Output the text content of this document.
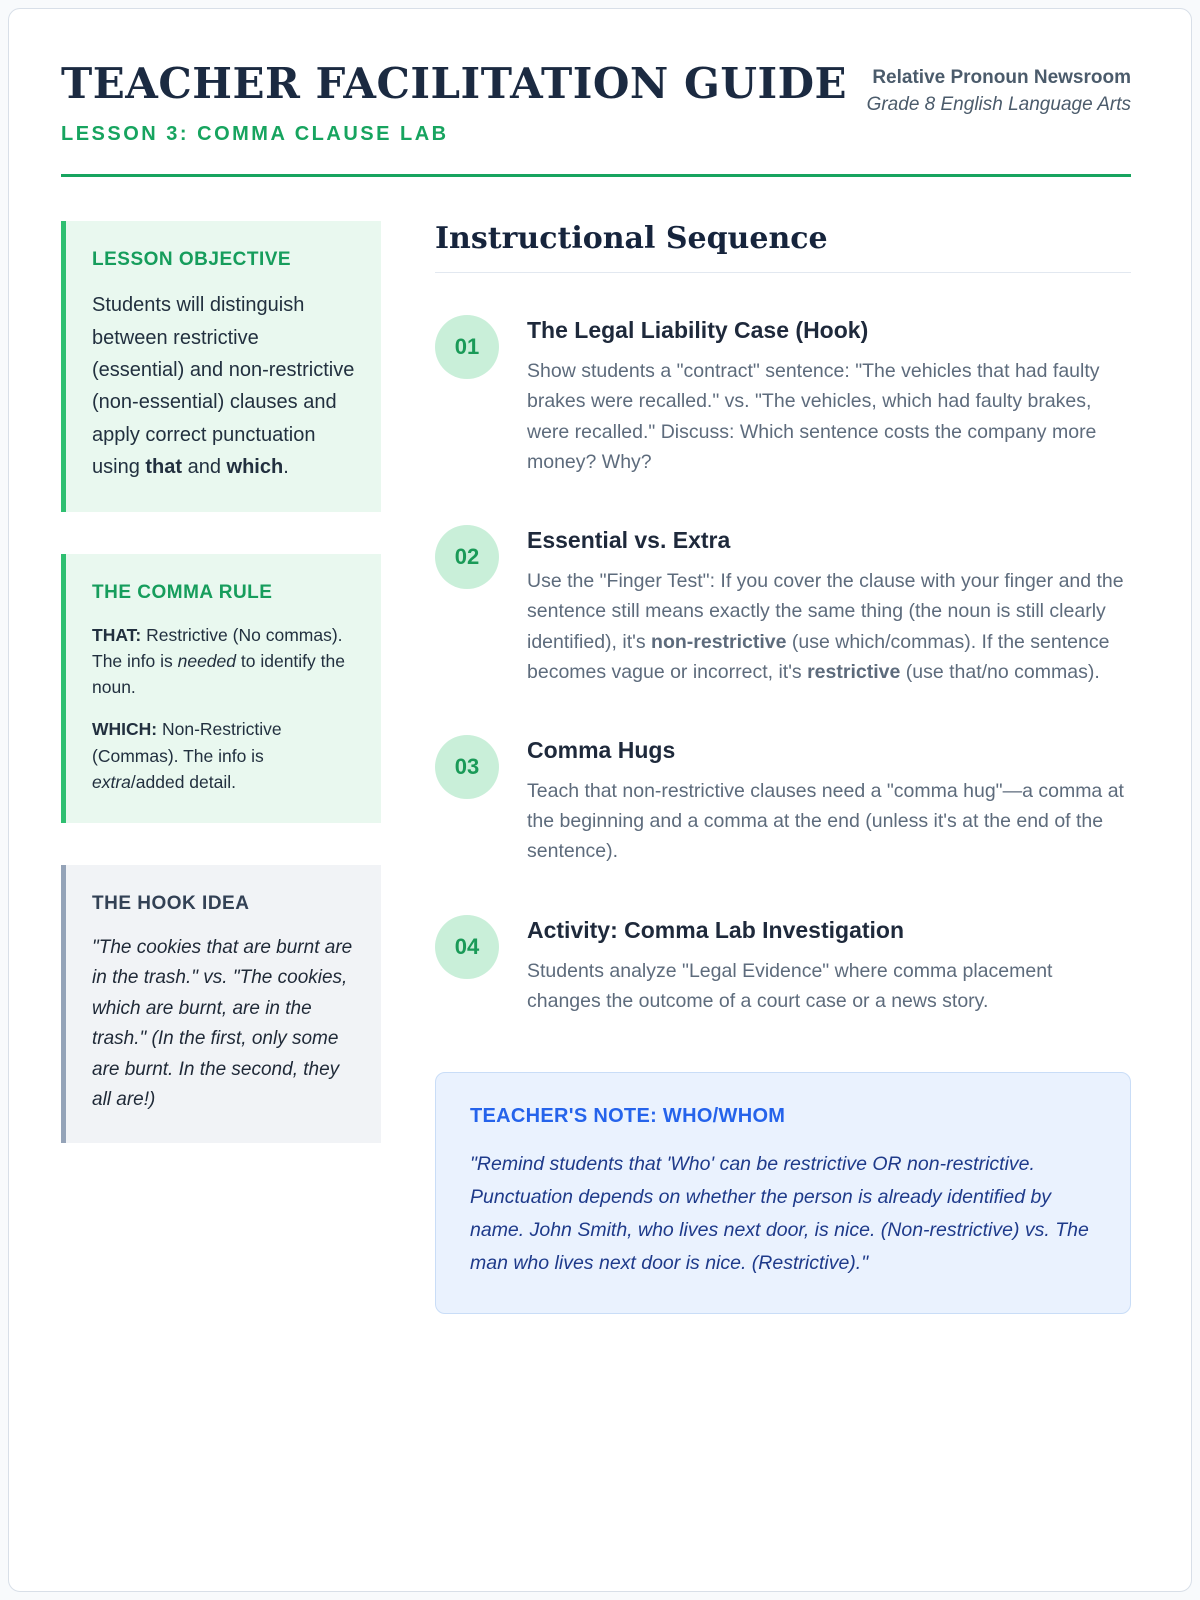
TEACHER FACILITATION GUIDE
LESSON 3: COMMA CLAUSE LAB
Relative Pronoun Newsroom
Grade 8 English Language Arts
LESSON OBJECTIVE
Students will distinguish between restrictive (essential) and non-restrictive (non-essential) clauses and apply correct punctuation using that and which.
THE COMMA RULE

THAT: Restrictive (No commas). The info is needed to identify the noun.

WHICH: Non-Restrictive (Commas). The info is extra/added detail.

THE HOOK IDEA
"The cookies that are burnt are in the trash." vs. "The cookies, which are burnt, are in the trash." (In the first, only some are burnt. In the second, they all are!)
Instructional Sequence
01
The Legal Liability Case (Hook)
Show students a "contract" sentence: "The vehicles that had faulty brakes were recalled." vs. "The vehicles, which had faulty brakes, were recalled." Discuss: Which sentence costs the company more money? Why?
02
Essential vs. Extra
Use the "Finger Test": If you cover the clause with your finger and the sentence still means exactly the same thing (the noun is still clearly identified), it's non-restrictive (use which/commas). If the sentence becomes vague or incorrect, it's restrictive (use that/no commas).
03
Comma Hugs
Teach that non-restrictive clauses need a "comma hug"—a comma at the beginning and a comma at the end (unless it's at the end of the sentence).
04
Activity: Comma Lab Investigation
Students analyze "Legal Evidence" where comma placement changes the outcome of a court case or a news story.
TEACHER'S NOTE: WHO/WHOM
"Remind students that 'Who' can be restrictive OR non-restrictive. Punctuation depends on whether the person is already identified by name. John Smith, who lives next door, is nice. (Non-restrictive) vs. The man who lives next door is nice. (Restrictive)."
